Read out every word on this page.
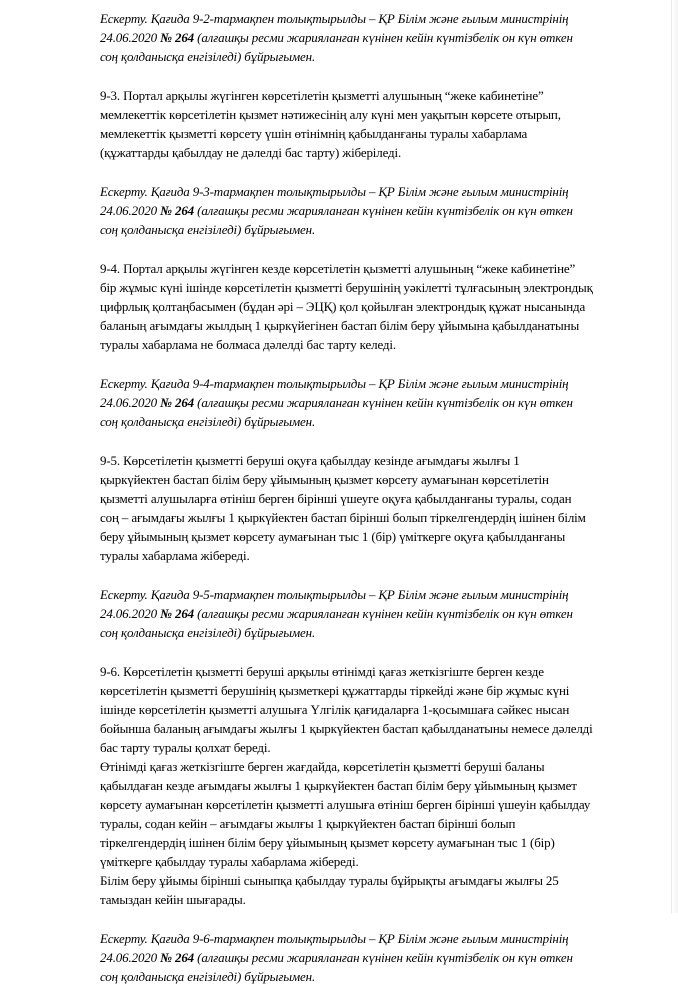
Ескерту. Қағида 9-2-тармақпен толықтырылды – ҚР Білім және ғылым министрінің
24.06.2020 № 264 (алғашқы ресми жарияланған күнінен кейін күнтізбелік он күн өткен
соң қолданысқа енгізіледі) бұйрығымен.
9-3. Портал арқылы жүгінген көрсетілетін қызметті алушының “жеке кабинетіне”
мемлекеттік көрсетілетін қызмет нәтижесінің алу күні мен уақытын көрсете отырып,
мемлекеттік қызметті көрсету үшін өтінімнің қабылданғаны туралы хабарлама
(құжаттарды қабылдау не дәлелді бас тарту) жіберіледі.
Ескерту. Қағида 9-3-тармақпен толықтырылды – ҚР Білім және ғылым министрінің
24.06.2020 № 264 (алғашқы ресми жарияланған күнінен кейін күнтізбелік он күн өткен
соң қолданысқа енгізіледі) бұйрығымен.
9-4. Портал арқылы жүгінген кезде көрсетілетін қызметті алушының “жеке кабинетіне”
бір жұмыс күні ішінде көрсетілетін қызметті берушінің уәкілетті тұлғасының электрондық
цифрлық қолтаңбасымен (бұдан әрі – ЭЦҚ) қол қойылған электрондық құжат нысанында
баланың ағымдағы жылдың 1 қыркүйегінен бастап білім беру ұйымына қабылданатыны
туралы хабарлама не болмаса дәлелді бас тарту келеді.
Ескерту. Қағида 9-4-тармақпен толықтырылды – ҚР Білім және ғылым министрінің
24.06.2020 № 264 (алғашқы ресми жарияланған күнінен кейін күнтізбелік он күн өткен
соң қолданысқа енгізіледі) бұйрығымен.
9-5. Көрсетілетін қызметті беруші оқуға қабылдау кезінде ағымдағы жылғы 1
қыркүйектен бастап білім беру ұйымының қызмет көрсету аумағынан көрсетілетін
қызметті алушыларға өтініш берген бірінші үшеуге оқуға қабылданғаны туралы, содан
соң – ағымдағы жылғы 1 қыркүйектен бастап бірінші болып тіркелгендердің ішінен білім
беру ұйымының қызмет көрсету аумағынан тыс 1 (бір) үміткерге оқуға қабылданғаны
туралы хабарлама жібереді.
Ескерту. Қағида 9-5-тармақпен толықтырылды – ҚР Білім және ғылым министрінің
24.06.2020 № 264 (алғашқы ресми жарияланған күнінен кейін күнтізбелік он күн өткен
соң қолданысқа енгізіледі) бұйрығымен.
9-6. Көрсетілетін қызметті беруші арқылы өтінімді қағаз жеткізгіште берген кезде
көрсетілетін қызметті берушінің қызметкері құжаттарды тіркейді және бір жұмыс күні
ішінде көрсетілетін қызметті алушыға Үлгілік қағидаларға 1-қосымшаға сәйкес нысан
бойынша баланың ағымдағы жылғы 1 қыркүйектен бастап қабылданатыны немесе дәлелді
бас тарту туралы қолхат береді.
Өтінімді қағаз жеткізгіште берген жағдайда, көрсетілетін қызметті беруші баланы
қабылдаған кезде ағымдағы жылғы 1 қыркүйектен бастап білім беру ұйымының қызмет
көрсету аумағынан көрсетілетін қызметті алушыға өтініш берген бірінші үшеуін қабылдау
туралы, содан кейін – ағымдағы жылғы 1 қыркүйектен бастап бірінші болып
тіркелгендердің ішінен білім беру ұйымының қызмет көрсету аумағынан тыс 1 (бір)
үміткерге қабылдау туралы хабарлама жібереді.
Білім беру ұйымы бірінші сыныпқа қабылдау туралы бұйрықты ағымдағы жылғы 25
тамыздан кейін шығарады.
Ескерту. Қағида 9-6-тармақпен толықтырылды – ҚР Білім және ғылым министрінің
24.06.2020 № 264 (алғашқы ресми жарияланған күнінен кейін күнтізбелік он күн өткен
соң қолданысқа енгізіледі) бұйрығымен.
